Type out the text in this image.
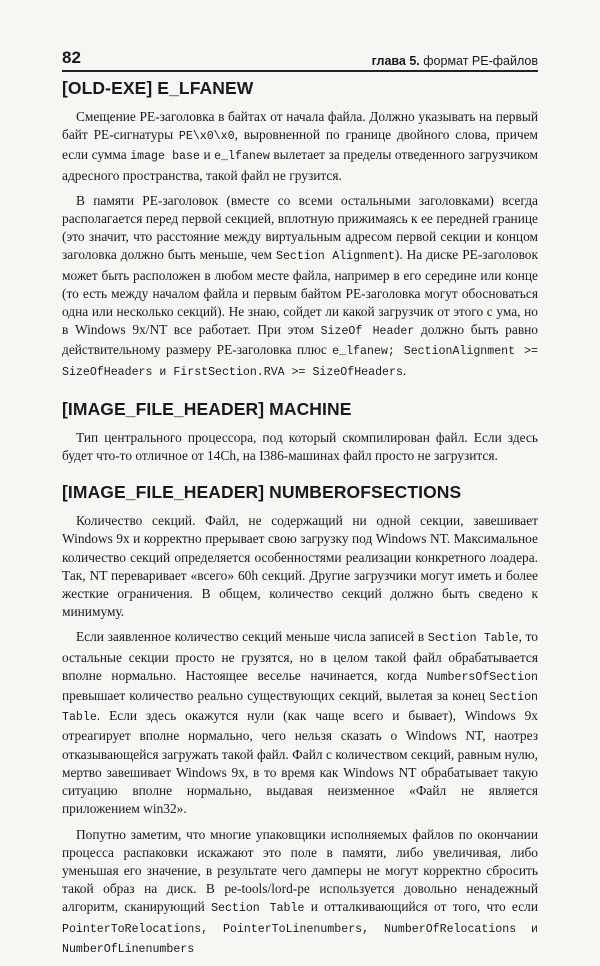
82	глава 5. формат PE-файлов
[OLD-EXE] E_LFANEW

Смещение PE-заголовка в байтах от начала файла. Должно указывать на первый байт PE-сигнатуры PE\x0\x0, выровненной по границе двойного слова, причем если сумма image base и e_lfanew вылетает за пределы отведенного загрузчиком адресного пространства, такой файл не грузится.

В памяти PE-заголовок (вместе со всеми остальными заголовками) всегда располагается перед первой секцией, вплотную прижимаясь к ее передней границе (это значит, что расстояние между виртуальным адресом первой секции и концом заголовка должно быть меньше, чем Section Alignment). На диске PE-заголовок может быть расположен в любом месте файла, например в его середине или конце (то есть между началом файла и первым байтом PE-заголовка могут обосноваться одна или несколько секций). Не знаю, сойдет ли какой загрузчик от этого с ума, но в Windows 9x/NT все работает. При этом SizeOf Header должно быть равно действительному размеру PE-заголовка плюс e_lfanew; SectionAlignment >= SizeOfHeaders и FirstSection.RVA >= SizeOfHeaders.

[IMAGE_FILE_HEADER] MACHINE

Тип центрального процессора, под который скомпилирован файл. Если здесь будет что-то отличное от 14Ch, на I386-машинах файл просто не загрузится.

[IMAGE_FILE_HEADER] NUMBEROFSECTIONS

Количество секций. Файл, не содержащий ни одной секции, завешивает Windows 9x и корректно прерывает свою загрузку под Windows NT. Максимальное количество секций определяется особенностями реализации конкретного лоадера. Так, NT переваривает «всего» 60h секций. Другие загрузчики могут иметь и более жесткие ограничения. В общем, количество секций должно быть сведено к минимуму.

Если заявленное количество секций меньше числа записей в Section Table, то остальные секции просто не грузятся, но в целом такой файл обрабатывается вполне нормально. Настоящее веселье начинается, когда NumbersOfSection превышает количество реально существующих секций, вылетая за конец Section Table. Если здесь окажутся нули (как чаще всего и бывает), Windows 9x отреагирует вполне нормально, чего нельзя сказать о Windows NT, наотрез отказывающейся загружать такой файл. Файл с количеством секций, равным нулю, мертво завешивает Windows 9x, в то время как Windows NT обрабатывает такую ситуацию вполне нормально, выдавая неизменное «Файл не является приложением win32».

Попутно заметим, что многие упаковщики исполняемых файлов по окончании процесса распаковки искажают это поле в памяти, либо увеличивая, либо уменьшая его значение, в результате чего дамперы не могут корректно сбросить такой образ на диск. В pe-tools/lord-pe используется довольно ненадежный алгоритм, сканирующий Section Table и отталкивающийся от того, что если PointerToRelocations, PointerToLinenumbers, NumberOfRelocations и NumberOfLinenumbers
